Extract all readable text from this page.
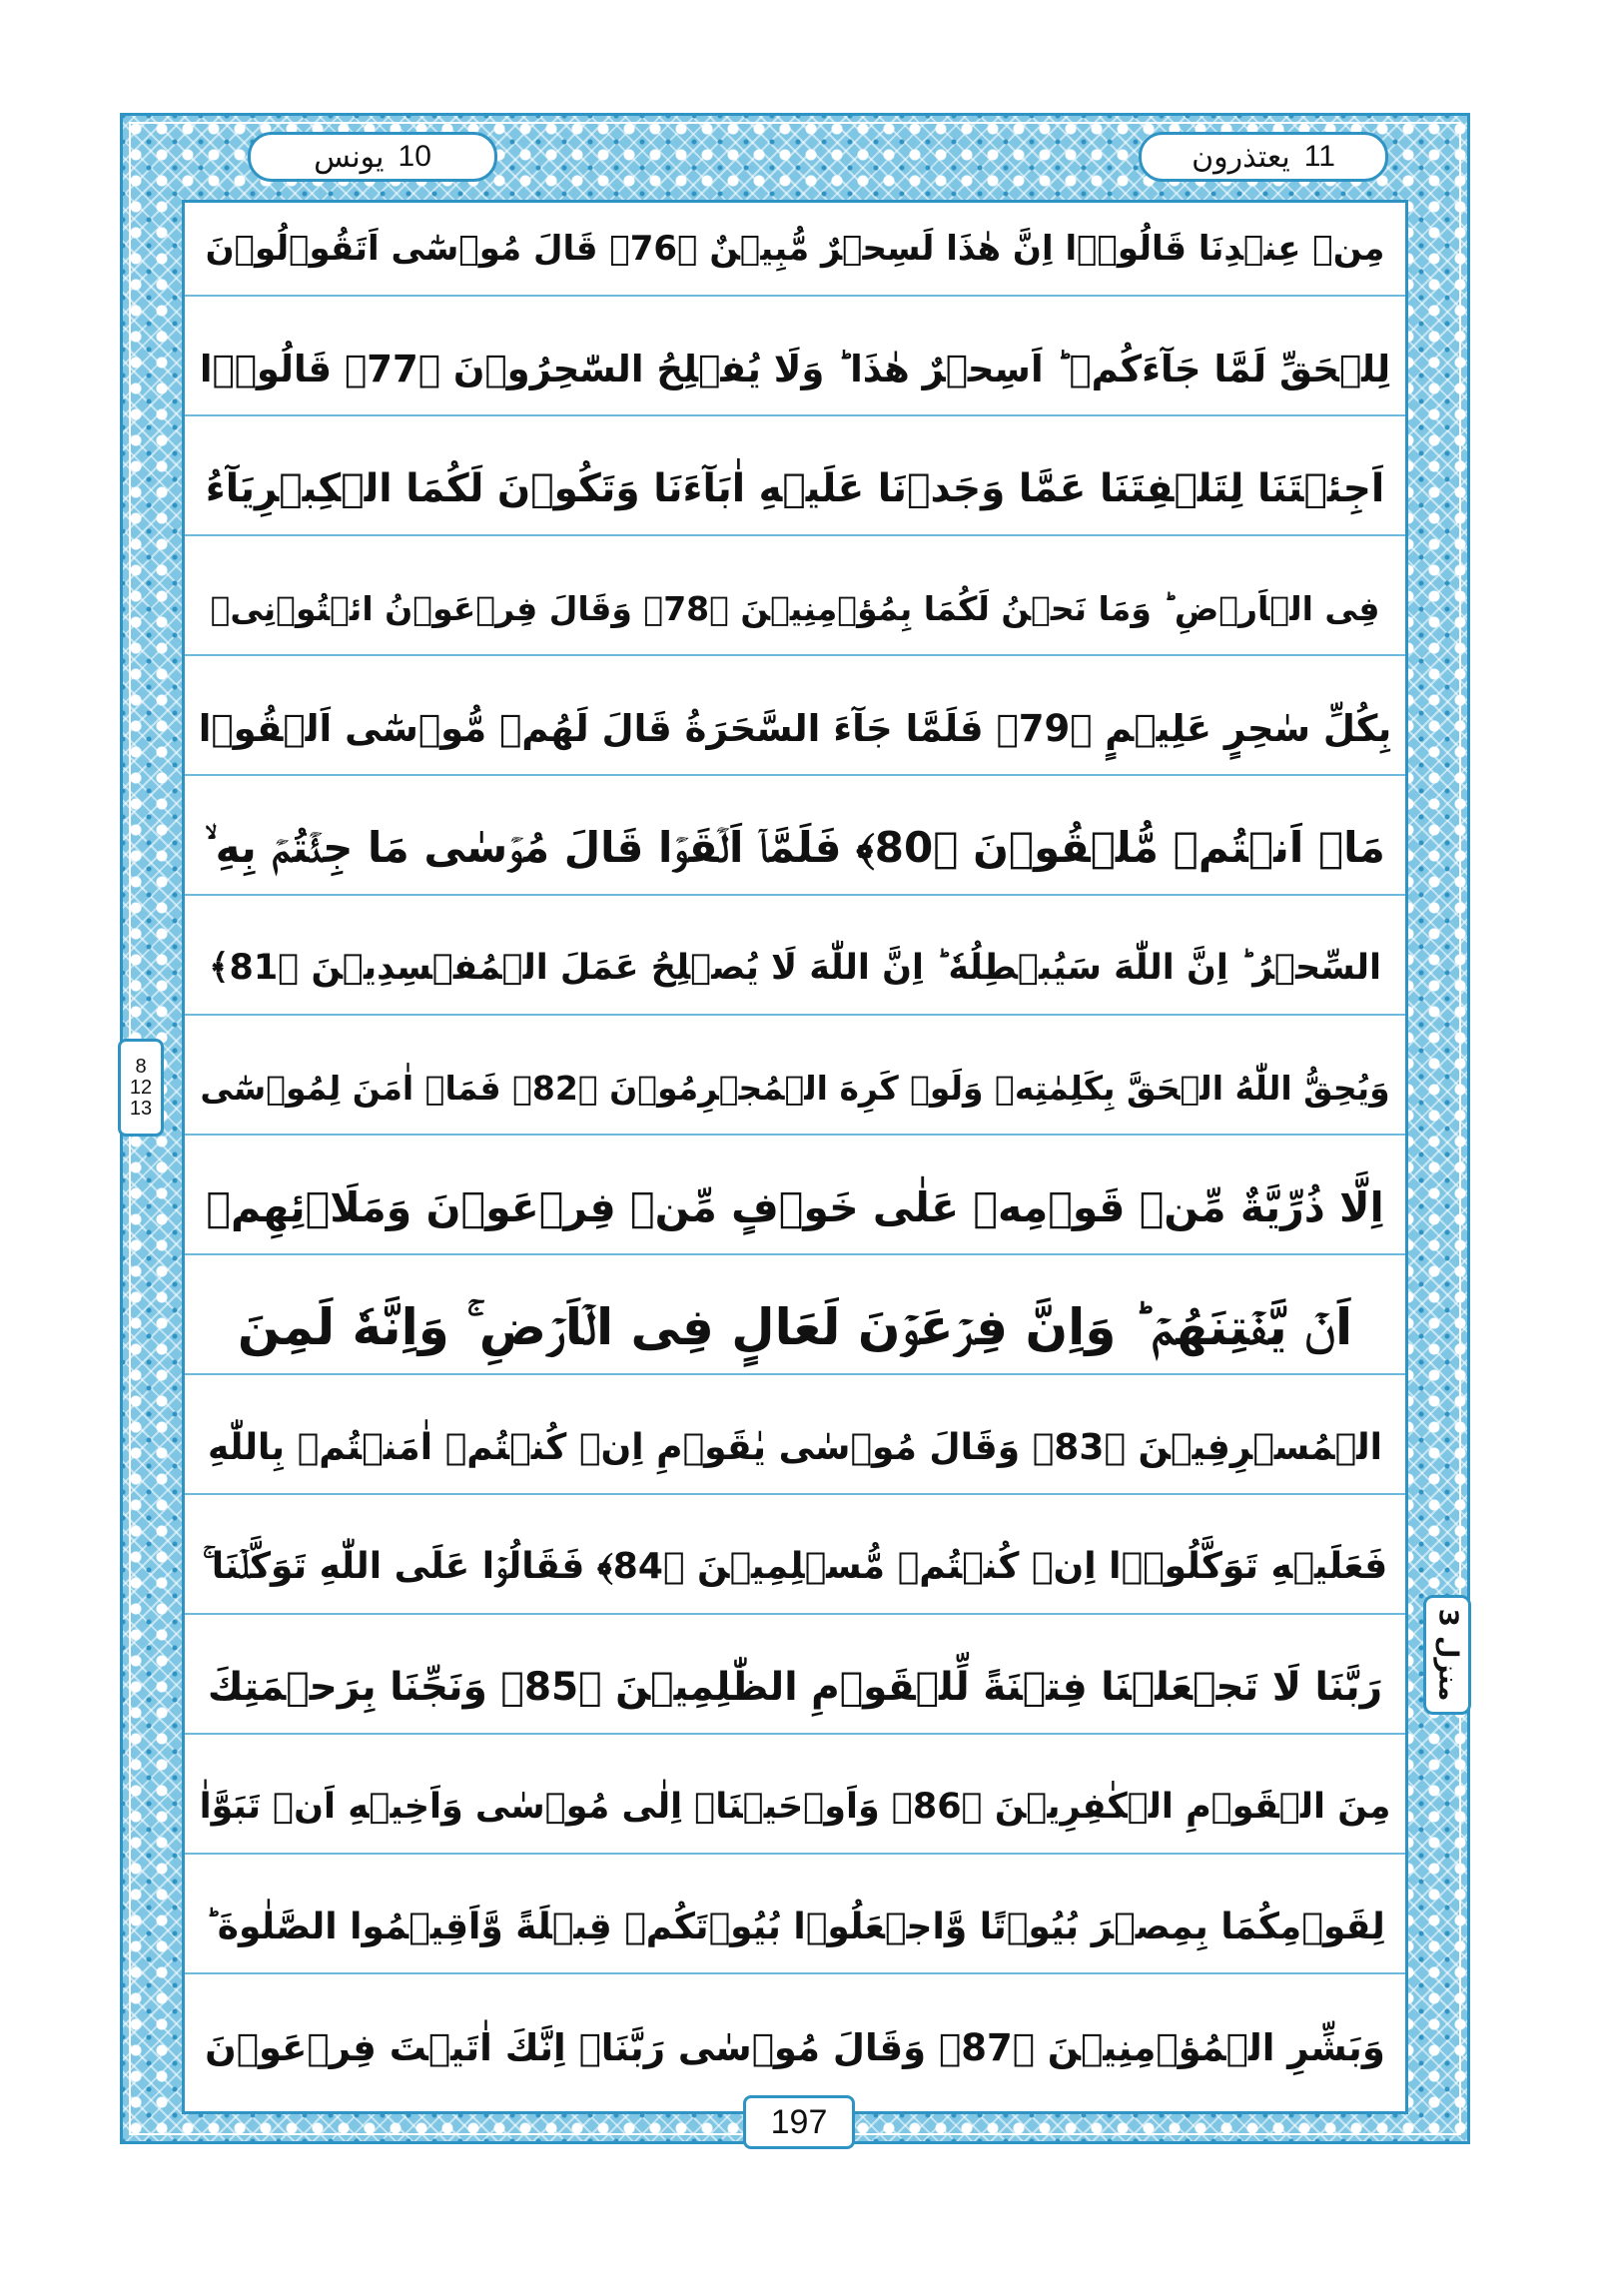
يعتذرون 11
يونس 10
مِنۡ عِنۡدِنَا قَالُوۡۤا اِنَّ هٰذَا لَسِحۡرٌ مُّبِيۡنٌ ﴿76﴾ قَالَ مُوۡسٰٓى اَتَقُوۡلُوۡنَ
لِلۡحَقِّ لَمَّا جَآءَكُمۡ ؕ اَسِحۡرٌ هٰذَا ؕ وَلَا يُفۡلِحُ السّٰحِرُوۡنَ ﴿77﴾ قَالُوۡۤا
اَجِئۡتَنَا لِتَلۡفِتَنَا عَمَّا وَجَدۡنَا عَلَيۡهِ اٰبَآءَنَا وَتَكُوۡنَ لَكُمَا الۡكِبۡرِيَآءُ
فِى الۡاَرۡضِ ؕ وَمَا نَحۡنُ لَكُمَا بِمُؤۡمِنِيۡنَ ﴿78﴾ وَقَالَ فِرۡعَوۡنُ ائۡتُوۡنِىۡ
بِكُلِّ سٰحِرٍ عَلِيۡمٍ ﴿79﴾ فَلَمَّا جَآءَ السَّحَرَةُ قَالَ لَهُمۡ مُّوۡسٰٓى اَلۡقُوۡا
مَاۤ اَنۡتُمۡ مُّلۡقُوۡنَ ﴿80﴾ فَلَمَّاۤ اَلۡقَوۡا قَالَ مُوۡسٰى مَا جِئۡتُمۡ بِهِ ۙ
السِّحۡرُ ؕ اِنَّ اللّٰهَ سَيُبۡطِلُهٗ ؕ اِنَّ اللّٰهَ لَا يُصۡلِحُ عَمَلَ الۡمُفۡسِدِيۡنَ ﴿81﴾
وَيُحِقُّ اللّٰهُ الۡحَقَّ بِكَلِمٰتِهٖ وَلَوۡ كَرِهَ الۡمُجۡرِمُوۡنَ ﴿82﴾ فَمَاۤ اٰمَنَ لِمُوۡسٰٓى
اِلَّا ذُرِّيَّةٌ مِّنۡ قَوۡمِهٖ عَلٰى خَوۡفٍ مِّنۡ فِرۡعَوۡنَ وَمَلَا۟ئِهِمۡ
اَنۡ يَّفۡتِنَهُمۡ ؕ وَاِنَّ فِرۡعَوۡنَ لَعَالٍ فِى الۡاَرۡضِ ۚ وَاِنَّهٗ لَمِنَ
الۡمُسۡرِفِيۡنَ ﴿83﴾ وَقَالَ مُوۡسٰى يٰقَوۡمِ اِنۡ كُنۡتُمۡ اٰمَنۡتُمۡ بِاللّٰهِ
فَعَلَيۡهِ تَوَكَّلُوۡۤا اِنۡ كُنۡتُمۡ مُّسۡلِمِيۡنَ ﴿84﴾ فَقَالُوۡا عَلَى اللّٰهِ تَوَكَّلۡنَا ۚ
رَبَّنَا لَا تَجۡعَلۡنَا فِتۡنَةً لِّلۡقَوۡمِ الظّٰلِمِيۡنَ ﴿85﴾ وَنَجِّنَا بِرَحۡمَتِكَ
مِنَ الۡقَوۡمِ الۡكٰفِرِيۡنَ ﴿86﴾ وَاَوۡحَيۡنَاۤ اِلٰى مُوۡسٰى وَاَخِيۡهِ اَنۡ تَبَوَّاٰ
لِقَوۡمِكُمَا بِمِصۡرَ بُيُوۡتًا وَّاجۡعَلُوۡا بُيُوۡتَكُمۡ قِبۡلَةً وَّاَقِيۡمُوا الصَّلٰوةَ ؕ
وَبَشِّرِ الۡمُؤۡمِنِيۡنَ ﴿87﴾ وَقَالَ مُوۡسٰى رَبَّنَاۤ اِنَّكَ اٰتَيۡتَ فِرۡعَوۡنَ
8
12
13
منزل 3
197
